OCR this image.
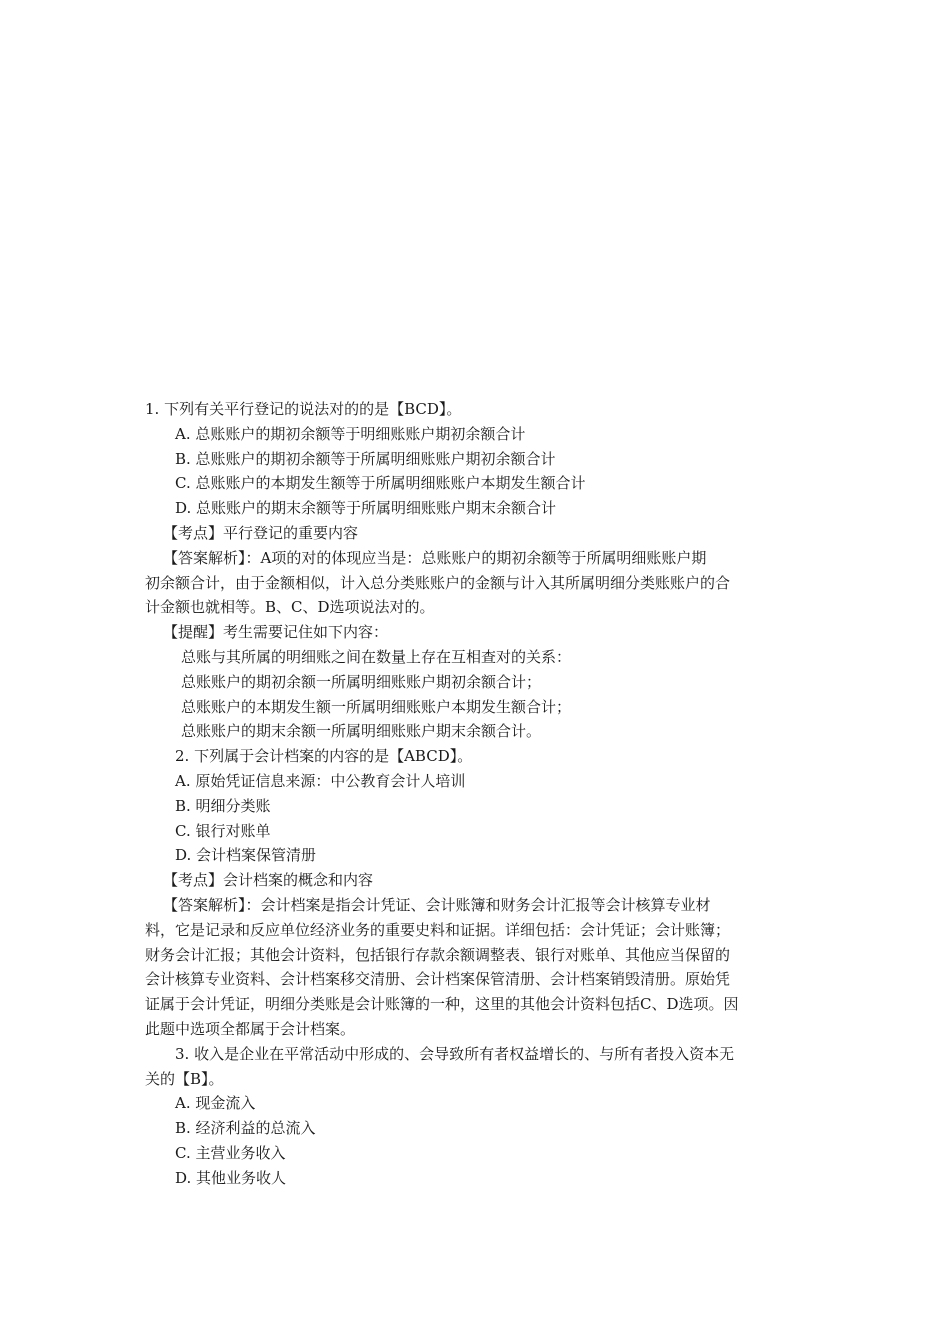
1. 下列有关平行登记的说法对的的是【BCD】。
A. 总账账户的期初余额等于明细账账户期初余额合计
B. 总账账户的期初余额等于所属明细账账户期初余额合计
C. 总账账户的本期发生额等于所属明细账账户本期发生额合计
D. 总账账户的期末余额等于所属明细账账户期末余额合计
【考点】平行登记的重要内容
【答案解析】：A项的对的体现应当是：总账账户的期初余额等于所属明细账账户期
初余额合计，由于金额相似，计入总分类账账户的金额与计入其所属明细分类账账户的合
计金额也就相等。B、C、D选项说法对的。
【提醒】考生需要记住如下内容：
总账与其所属的明细账之间在数量上存在互相查对的关系：
总账账户的期初余额一所属明细账账户期初余额合计；
总账账户的本期发生额一所属明细账账户本期发生额合计；
总账账户的期末余额一所属明细账账户期末余额合计。
2. 下列属于会计档案的内容的是【ABCD】。
A. 原始凭证信息来源：中公教育会计人培训
B. 明细分类账
C. 银行对账单
D. 会计档案保管清册
【考点】会计档案的概念和内容
【答案解析】：会计档案是指会计凭证、会计账簿和财务会计汇报等会计核算专业材
料，它是记录和反应单位经济业务的重要史料和证据。详细包括：会计凭证；会计账簿；
财务会计汇报；其他会计资料，包括银行存款余额调整表、银行对账单、其他应当保留的
会计核算专业资料、会计档案移交清册、会计档案保管清册、会计档案销毁清册。原始凭
证属于会计凭证，明细分类账是会计账簿的一种，这里的其他会计资料包括C、D选项。因
此题中选项全都属于会计档案。
3. 收入是企业在平常活动中形成的、会导致所有者权益增长的、与所有者投入资本无
关的【B】。
A. 现金流入
B. 经济利益的总流入
C. 主营业务收入
D. 其他业务收人
